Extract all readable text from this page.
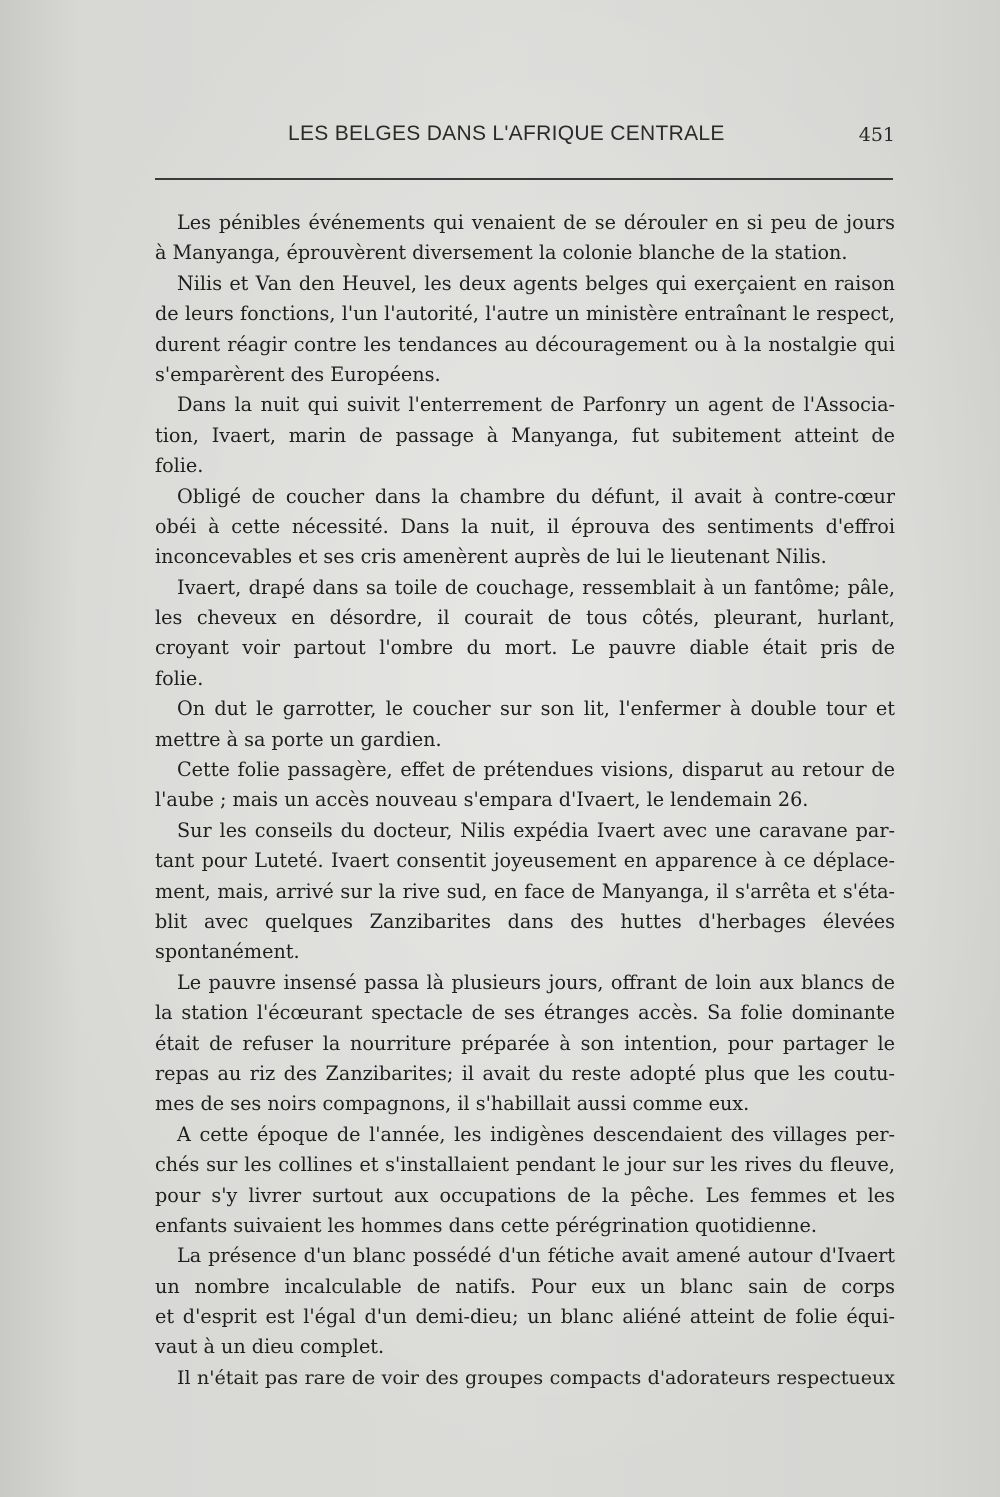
LES BELGES DANS L'AFRIQUE CENTRALE	451
Les pénibles événements qui venaient de se dérouler en si peu de jours
à Manyanga, éprouvèrent diversement la colonie blanche de la station.
Nilis et Van den Heuvel, les deux agents belges qui exerçaient en raison
de leurs fonctions, l'un l'autorité, l'autre un ministère entraînant le respect,
durent réagir contre les tendances au découragement ou à la nostalgie qui
s'emparèrent des Européens.
Dans la nuit qui suivit l'enterrement de Parfonry un agent de l'Associa-
tion, Ivaert, marin de passage à Manyanga, fut subitement atteint de
folie.
Obligé de coucher dans la chambre du défunt, il avait à contre-cœur
obéi à cette nécessité. Dans la nuit, il éprouva des sentiments d'effroi
inconcevables et ses cris amenèrent auprès de lui le lieutenant Nilis.
Ivaert, drapé dans sa toile de couchage, ressemblait à un fantôme; pâle,
les cheveux en désordre, il courait de tous côtés, pleurant, hurlant,
croyant voir partout l'ombre du mort. Le pauvre diable était pris de
folie.
On dut le garrotter, le coucher sur son lit, l'enfermer à double tour et
mettre à sa porte un gardien.
Cette folie passagère, effet de prétendues visions, disparut au retour de
l'aube ; mais un accès nouveau s'empara d'Ivaert, le lendemain 26.
Sur les conseils du docteur, Nilis expédia Ivaert avec une caravane par-
tant pour Luteté. Ivaert consentit joyeusement en apparence à ce déplace-
ment, mais, arrivé sur la rive sud, en face de Manyanga, il s'arrêta et s'éta-
blit avec quelques Zanzibarites dans des huttes d'herbages élevées
spontanément.
Le pauvre insensé passa là plusieurs jours, offrant de loin aux blancs de
la station l'écœurant spectacle de ses étranges accès. Sa folie dominante
était de refuser la nourriture préparée à son intention, pour partager le
repas au riz des Zanzibarites; il avait du reste adopté plus que les coutu-
mes de ses noirs compagnons, il s'habillait aussi comme eux.
A cette époque de l'année, les indigènes descendaient des villages per-
chés sur les collines et s'installaient pendant le jour sur les rives du fleuve,
pour s'y livrer surtout aux occupations de la pêche. Les femmes et les
enfants suivaient les hommes dans cette pérégrination quotidienne.
La présence d'un blanc possédé d'un fétiche avait amené autour d'Ivaert
un nombre incalculable de natifs. Pour eux un blanc sain de corps
et d'esprit est l'égal d'un demi-dieu; un blanc aliéné atteint de folie équi-
vaut à un dieu complet.
Il n'était pas rare de voir des groupes compacts d'adorateurs respectueux
